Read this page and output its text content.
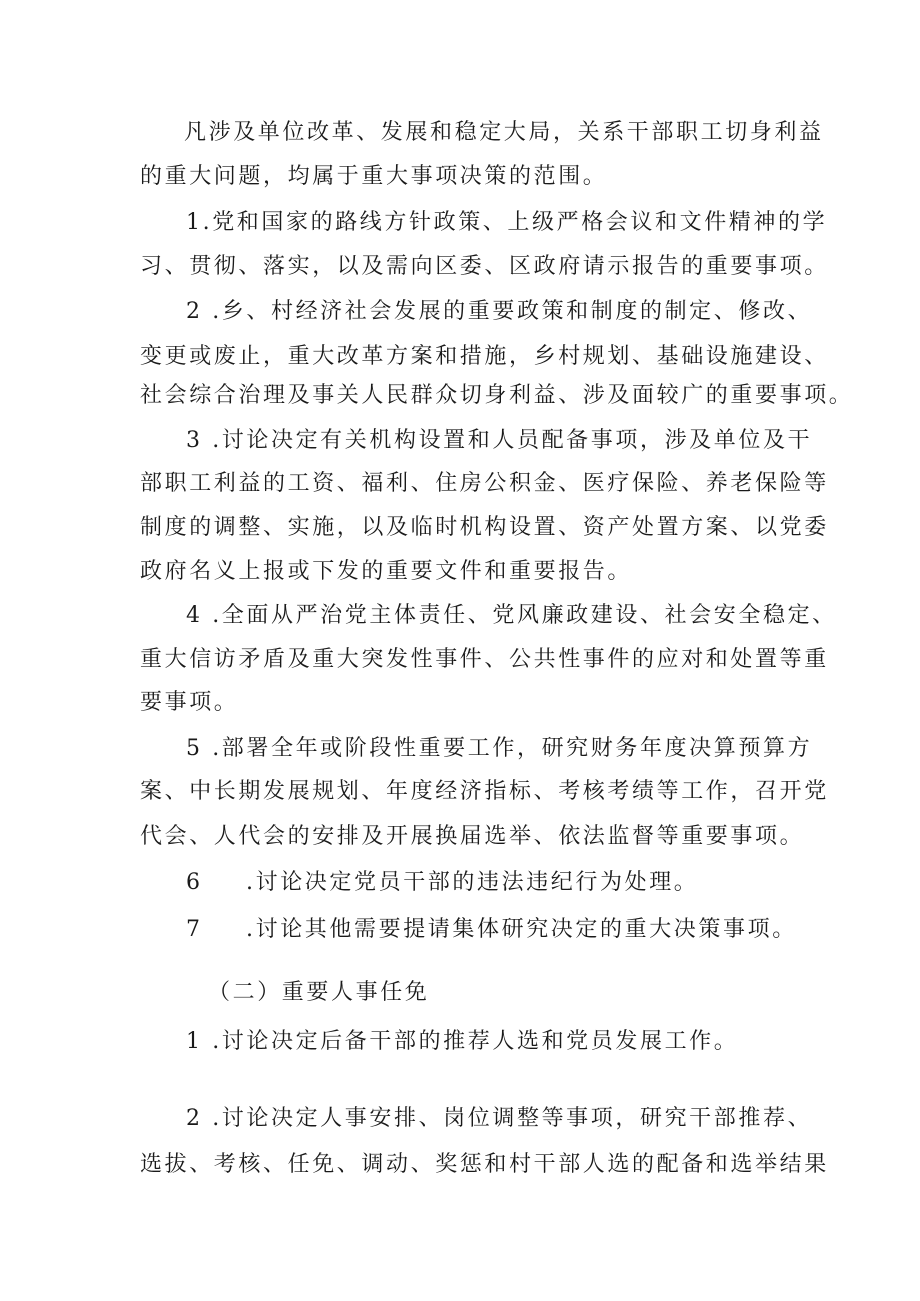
凡涉及单位改革、发展和稳定大局，关系干部职工切身利益
的重大问题，均属于重大事项决策的范围。
1.党和国家的路线方针政策、上级严格会议和文件精神的学
习、贯彻、落实，以及需向区委、区政府请示报告的重要事项。
2 .乡、村经济社会发展的重要政策和制度的制定、修改、
变更或废止，重大改革方案和措施，乡村规划、基础设施建设、
社会综合治理及事关人民群众切身利益、涉及面较广的重要事项。
3 .讨论决定有关机构设置和人员配备事项，涉及单位及干
部职工利益的工资、福利、住房公积金、医疗保险、养老保险等
制度的调整、实施，以及临时机构设置、资产处置方案、以党委
政府名义上报或下发的重要文件和重要报告。
4 .全面从严治党主体责任、党风廉政建设、社会安全稳定、
重大信访矛盾及重大突发性事件、公共性事件的应对和处置等重
要事项。
5 .部署全年或阶段性重要工作，研究财务年度决算预算方
案、中长期发展规划、年度经济指标、考核考绩等工作，召开党
代会、人代会的安排及开展换届选举、依法监督等重要事项。
6 .讨论决定党员干部的违法违纪行为处理。
7 .讨论其他需要提请集体研究决定的重大决策事项。
（二）重要人事任免
1 .讨论决定后备干部的推荐人选和党员发展工作。
2 .讨论决定人事安排、岗位调整等事项，研究干部推荐、
选拔、考核、任免、调动、奖惩和村干部人选的配备和选举结果
